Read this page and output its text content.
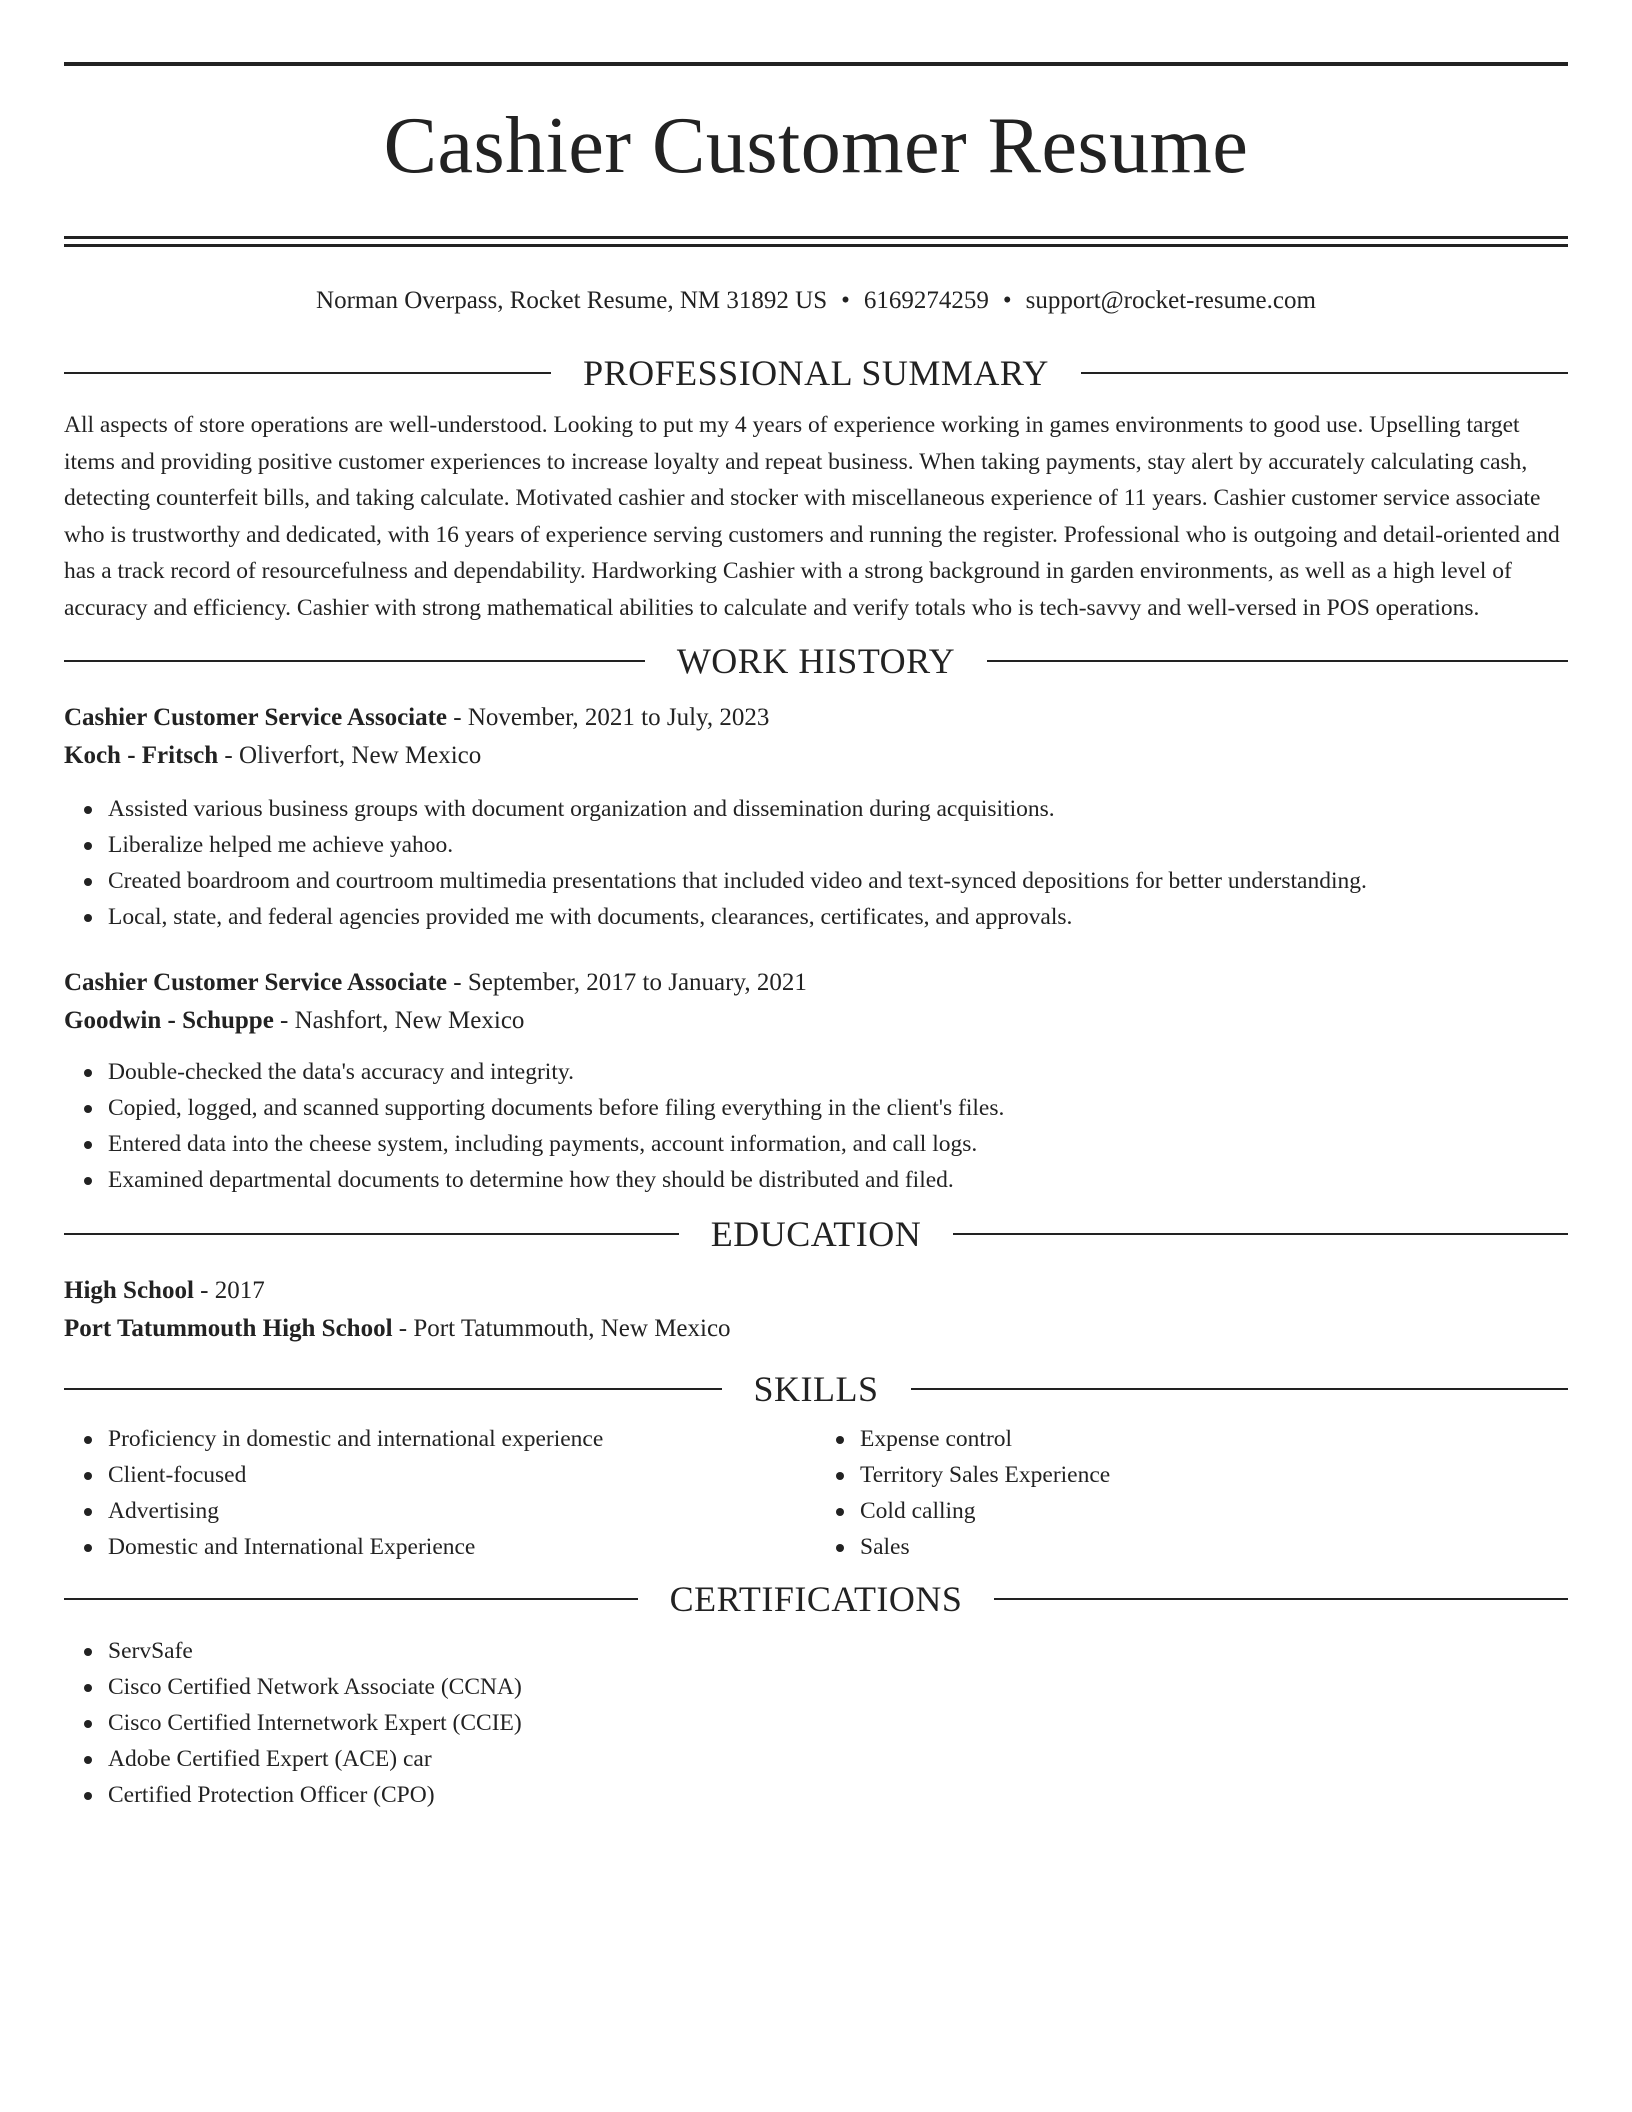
Cashier Customer Resume
Norman Overpass, Rocket Resume, NM 31892 US • 6169274259 • support@rocket-resume.com
PROFESSIONAL SUMMARY
All aspects of store operations are well-understood. Looking to put my 4 years of experience working in games environments to good use. Upselling target items and providing positive customer experiences to increase loyalty and repeat business. When taking payments, stay alert by accurately calculating cash, detecting counterfeit bills, and taking calculate. Motivated cashier and stocker with miscellaneous experience of 11 years. Cashier customer service associate who is trustworthy and dedicated, with 16 years of experience serving customers and running the register. Professional who is outgoing and detail-oriented and has a track record of resourcefulness and dependability. Hardworking Cashier with a strong background in garden environments, as well as a high level of accuracy and efficiency. Cashier with strong mathematical abilities to calculate and verify totals who is tech-savvy and well-versed in POS operations.
WORK HISTORY
Cashier Customer Service Associate - November, 2021 to July, 2023
Koch - Fritsch - Oliverfort, New Mexico
Assisted various business groups with document organization and dissemination during acquisitions.
Liberalize helped me achieve yahoo.
Created boardroom and courtroom multimedia presentations that included video and text-synced depositions for better understanding.
Local, state, and federal agencies provided me with documents, clearances, certificates, and approvals.
Cashier Customer Service Associate - September, 2017 to January, 2021
Goodwin - Schuppe - Nashfort, New Mexico
Double-checked the data's accuracy and integrity.
Copied, logged, and scanned supporting documents before filing everything in the client's files.
Entered data into the cheese system, including payments, account information, and call logs.
Examined departmental documents to determine how they should be distributed and filed.
EDUCATION
High School - 2017
Port Tatummouth High School - Port Tatummouth, New Mexico
SKILLS
Proficiency in domestic and international experience
Client-focused
Advertising
Domestic and International Experience
Expense control
Territory Sales Experience
Cold calling
Sales
CERTIFICATIONS
ServSafe
Cisco Certified Network Associate (CCNA)
Cisco Certified Internetwork Expert (CCIE)
Adobe Certified Expert (ACE) car
Certified Protection Officer (CPO)
